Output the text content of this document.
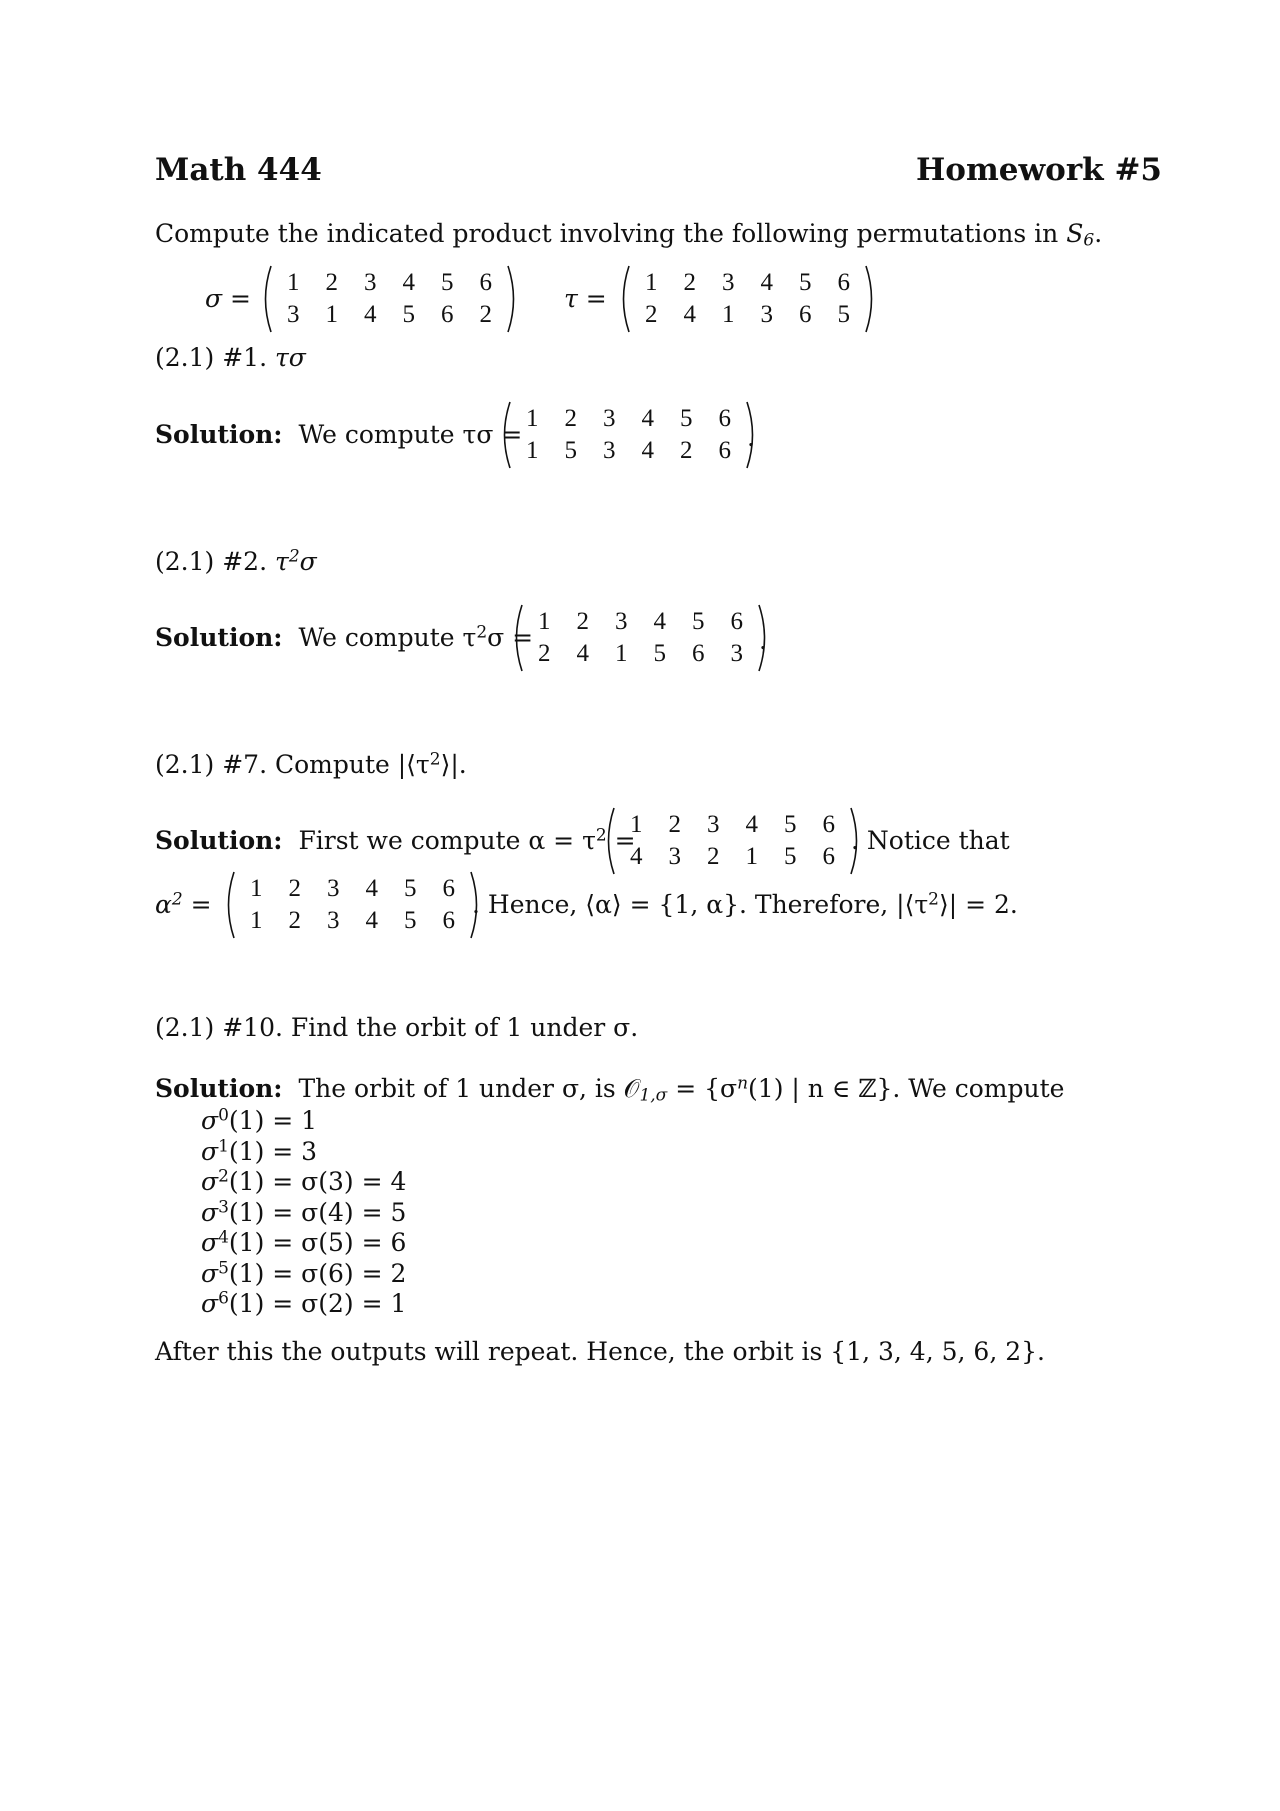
Math 444	Homework #5
Compute the indicated product involving the following permutations in $S_6$.
σ =
1	2	3	4	5	6
3	1	4	5	6	2
τ =
1	2	3	4	5	6
2	4	1	3	6	5
(2.1) #1. τσ
Solution: We compute τσ =
1	2	3	4	5	6
1	5	3	4	2	6 .
(2.1) #2. $\tau^2\sigma$
Solution: We compute $\tau^2\sigma$ =
1	2	3	4	5	6
2	4	1	5	6	3 .
(2.1) #7. Compute $|⟨\tau^2⟩|$.
Solution: First we compute $\alpha = \tau^2$ =
1	2	3	4	5	6
4	3	2	1	5	6
. Notice that
$\alpha^2$ =
1	2	3	4	5	6
1	2	3	4	5	6
. Hence, ⟨α⟩ = {1, α}. Therefore, $|⟨\tau^2⟩| = 2$.
(2.1) #10. Find the orbit of 1 under σ.
Solution: The orbit of 1 under σ, is 𝒪$_{1,\sigma}$ = {$\sigma^n(1)$ | n ∈ ℤ}. We compute
$\sigma^0(1) = 1$
$\sigma^1(1) = 3$
$\sigma^2(1) = \sigma(3) = 4$
$\sigma^3(1) = \sigma(4) = 5$
$\sigma^4(1) = \sigma(5) = 6$
$\sigma^5(1) = \sigma(6) = 2$
$\sigma^6(1) = \sigma(2) = 1$
After this the outputs will repeat. Hence, the orbit is {1, 3, 4, 5, 6, 2}.
